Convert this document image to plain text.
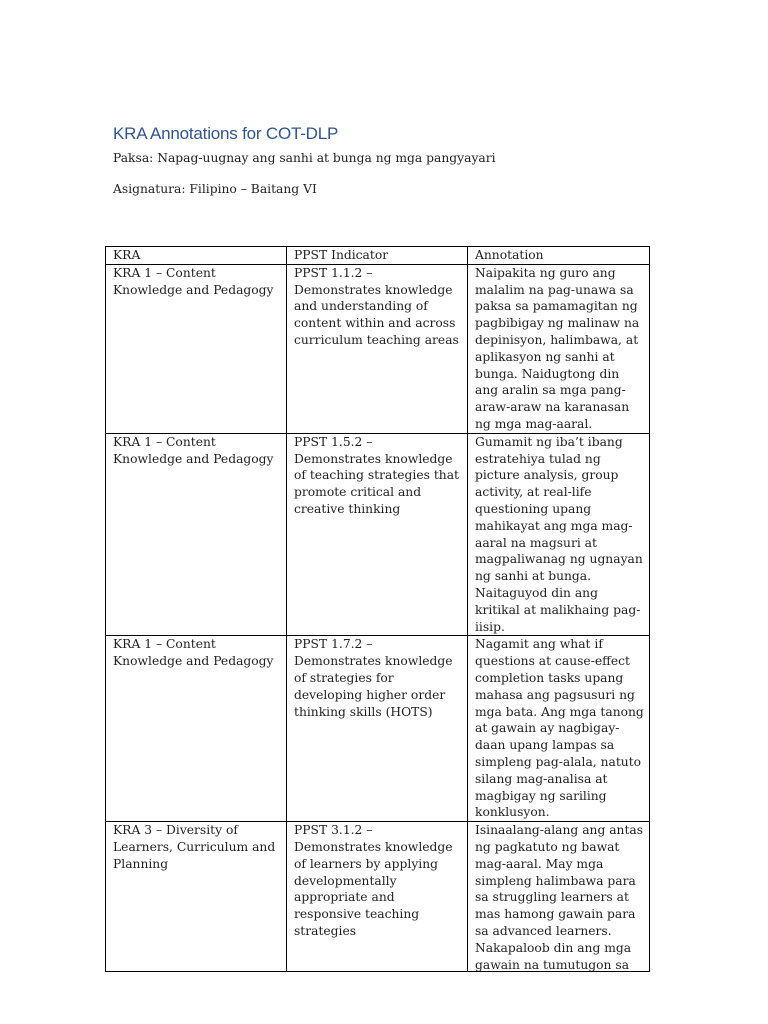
KRA Annotations for COT-DLP
Paksa: Napag-uugnay ang sanhi at bunga ng mga pangyayari
Asignatura: Filipino – Baitang VI
KRA	PPST Indicator	Annotation
KRA 1 – Content Knowledge and Pedagogy	PPST 1.1.2 – Demonstrates knowledge and understanding of content within and across curriculum teaching areas	Naipakita ng guro ang malalim na pag-unawa sa paksa sa pamamagitan ng pagbibigay ng malinaw na depinisyon, halimbawa, at aplikasyon ng sanhi at bunga. Naidugtong din ang aralin sa mga pang-araw-araw na karanasan ng mga mag-aaral.
KRA 1 – Content Knowledge and Pedagogy	PPST 1.5.2 – Demonstrates knowledge of teaching strategies that promote critical and creative thinking	Gumamit ng iba’t ibang estratehiya tulad ng picture analysis, group activity, at real-life questioning upang mahikayat ang mga mag-aaral na magsuri at magpaliwanag ng ugnayan ng sanhi at bunga. Naitaguyod din ang kritikal at malikhaing pag-iisip.
KRA 1 – Content Knowledge and Pedagogy	PPST 1.7.2 – Demonstrates knowledge of strategies for developing higher order thinking skills (HOTS)	Nagamit ang what if questions at cause-effect completion tasks upang mahasa ang pagsusuri ng mga bata. Ang mga tanong at gawain ay nagbigay-daan upang lampas sa simpleng pag-alala, natuto silang mag-analisa at magbigay ng sariling konklusyon.
KRA 3 – Diversity of Learners, Curriculum and Planning	PPST 3.1.2 – Demonstrates knowledge of learners by applying developmentally appropriate and responsive teaching strategies	Isinaalang-alang ang antas ng pagkatuto ng bawat mag-aaral. May mga simpleng halimbawa para sa struggling learners at mas hamong gawain para sa advanced learners. Nakapaloob din ang mga gawain na tumutugon sa
